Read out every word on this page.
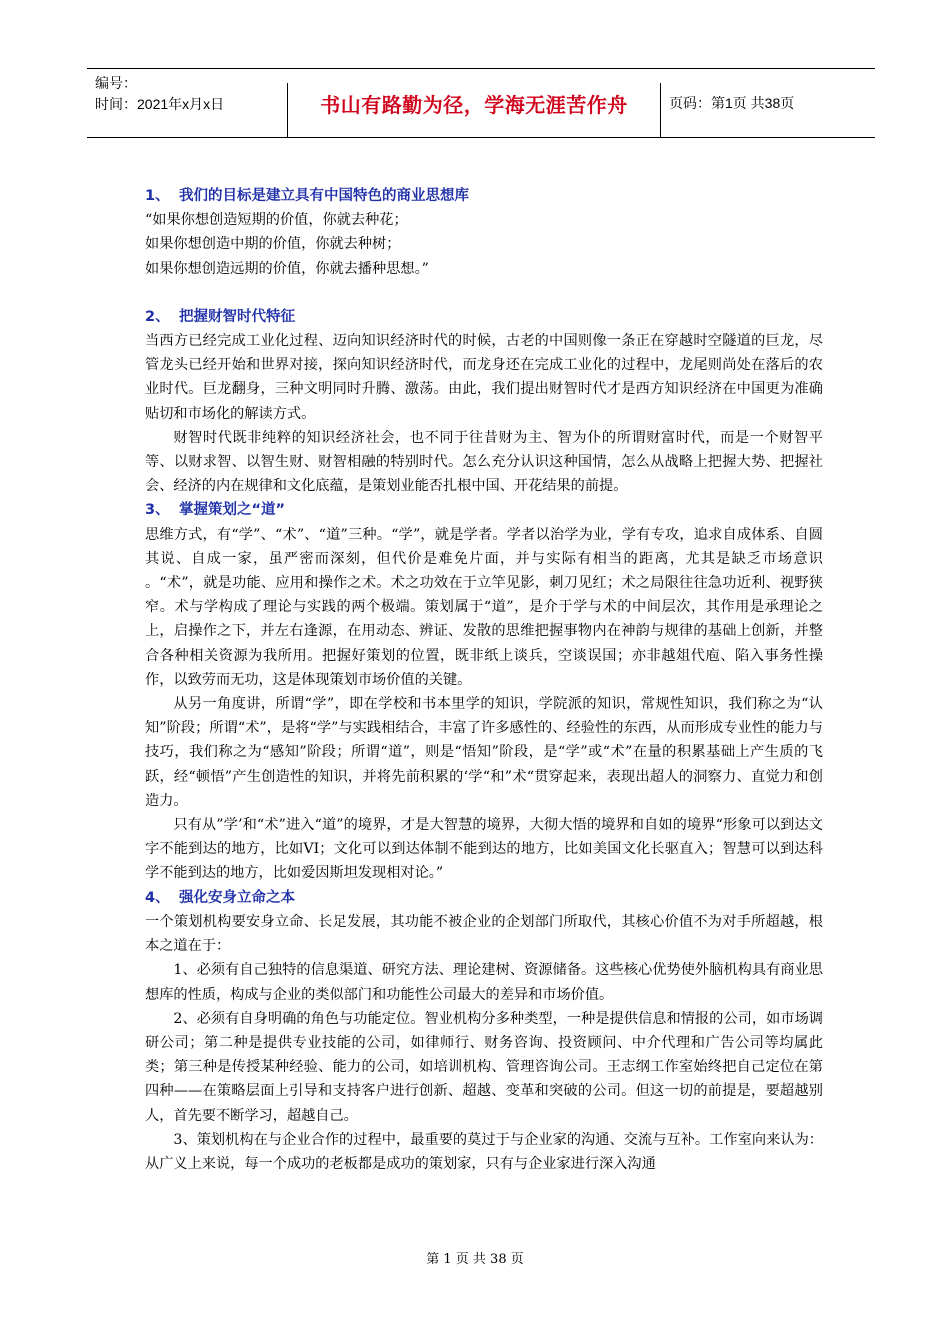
编号：
时间：2021年x月x日	书山有路勤为径，学海无涯苦作舟	页码：第1页 共38页
1、 我们的目标是建立具有中国特色的商业思想库

“如果你想创造短期的价值，你就去种花；

如果你想创造中期的价值，你就去种树；

如果你想创造远期的价值，你就去播种思想。”

2、 把握财智时代特征

当西方已经完成工业化过程、迈向知识经济时代的时候，古老的中国则像一条正在穿越时空隧道的巨龙，尽管龙头已经开始和世界对接，探向知识经济时代，而龙身还在完成工业化的过程中，龙尾则尚处在落后的农业时代。巨龙翻身，三种文明同时升腾、激荡。由此，我们提出财智时代才是西方知识经济在中国更为准确贴切和市场化的解读方式。

财智时代既非纯粹的知识经济社会，也不同于往昔财为主、智为仆的所谓财富时代，而是一个财智平等、以财求智、以智生财、财智相融的特别时代。怎么充分认识这种国情，怎么从战略上把握大势、把握社会、经济的内在规律和文化底蕴，是策划业能否扎根中国、开花结果的前提。

3、 掌握策划之“道”

思维方式，有“学”、“术”、“道”三种。“学”，就是学者。学者以治学为业，学有专攻，追求自成体系、自圆其说、自成一家，虽严密而深刻，但代价是难免片面，并与实际有相当的距离，尤其是缺乏市场意识 。“术”，就是功能、应用和操作之术。术之功效在于立竿见影，刺刀见红；术之局限往往急功近利、视野狭窄。术与学构成了理论与实践的两个极端。策划属于“道”，是介于学与术的中间层次，其作用是承理论之上，启操作之下，并左右逢源，在用动态、辨证、发散的思维把握事物内在神韵与规律的基础上创新，并整合各种相关资源为我所用。把握好策划的位置，既非纸上谈兵，空谈误国；亦非越俎代庖、陷入事务性操作，以致劳而无功，这是体现策划市场价值的关键。

从另一角度讲，所谓“学”，即在学校和书本里学的知识，学院派的知识，常规性知识，我们称之为“认知”阶段；所谓“术”，是将“学”与实践相结合，丰富了许多感性的、经验性的东西，从而形成专业性的能力与技巧，我们称之为“感知”阶段；所谓“道”，则是“悟知”阶段，是“学”或“术”在量的积累基础上产生质的飞跃，经“顿悟”产生创造性的知识，并将先前积累的‘学“和”术“贯穿起来，表现出超人的洞察力、直觉力和创造力。

只有从”学’和“术”进入“道”的境界，才是大智慧的境界，大彻大悟的境界和自如的境界“形象可以到达文字不能到达的地方，比如VI；文化可以到达体制不能到达的地方，比如美国文化长驱直入；智慧可以到达科学不能到达的地方，比如爱因斯坦发现相对论。”

4、 强化安身立命之本

一个策划机构要安身立命、长足发展，其功能不被企业的企划部门所取代，其核心价值不为对手所超越，根本之道在于：

1、必须有自己独特的信息渠道、研究方法、理论建树、资源储备。这些核心优势使外脑机构具有商业思想库的性质，构成与企业的类似部门和功能性公司最大的差异和市场价值。

2、必须有自身明确的角色与功能定位。智业机构分多种类型，一种是提供信息和情报的公司，如市场调研公司；第二种是提供专业技能的公司，如律师行、财务咨询、投资顾问、中介代理和广告公司等均属此类；第三种是传授某种经验、能力的公司，如培训机构、管理咨询公司。王志纲工作室始终把自己定位在第四种——在策略层面上引导和支持客户进行创新、超越、变革和突破的公司。但这一切的前提是，要超越别人，首先要不断学习，超越自己。

3、策划机构在与企业合作的过程中，最重要的莫过于与企业家的沟通、交流与互补。工作室向来认为：从广义上来说，每一个成功的老板都是成功的策划家，只有与企业家进行深入沟通

第 1 页 共 38 页
